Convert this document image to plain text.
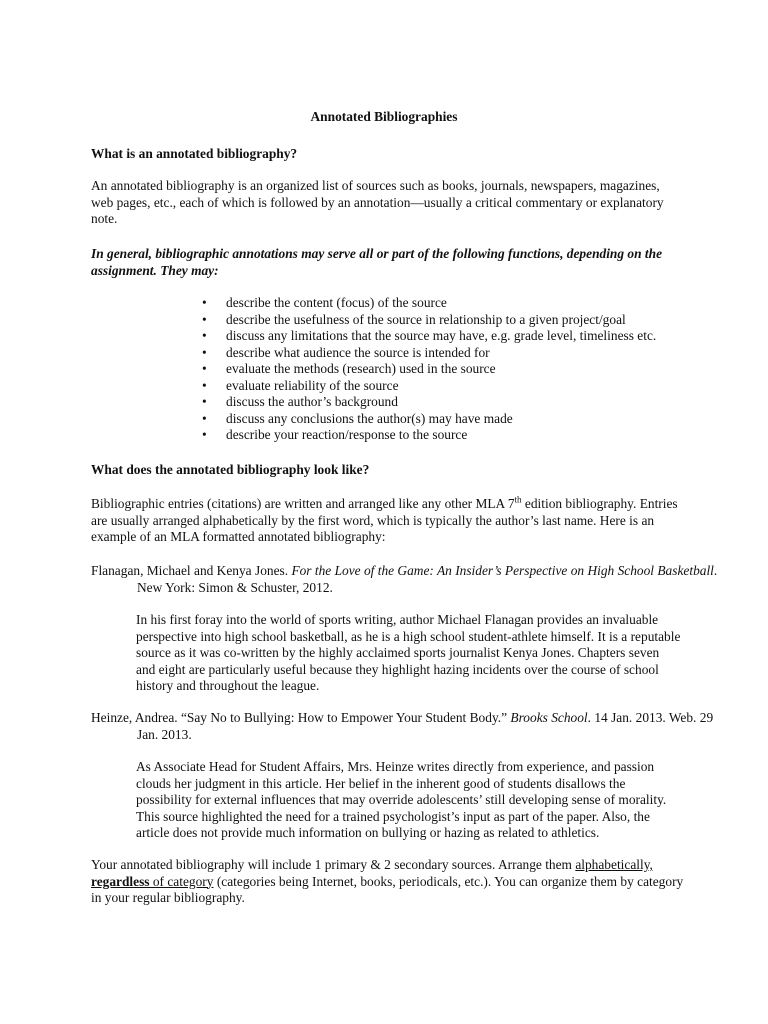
Annotated Bibliographies
What is an annotated bibliography?

An annotated bibliography is an organized list of sources such as books, journals, newspapers, magazines, web pages, etc., each of which is followed by an annotation—usually a critical commentary or explanatory note.

In general, bibliographic annotations may serve all or part of the following functions, depending on the assignment. They may:

• describe the content (focus) of the source
• describe the usefulness of the source in relationship to a given project/goal
• discuss any limitations that the source may have, e.g. grade level, timeliness etc.
• describe what audience the source is intended for
• evaluate the methods (research) used in the source
• evaluate reliability of the source
• discuss the author’s background
• discuss any conclusions the author(s) may have made
• describe your reaction/response to the source
What does the annotated bibliography look like?

Bibliographic entries (citations) are written and arranged like any other MLA 7th edition bibliography. Entries are usually arranged alphabetically by the first word, which is typically the author’s last name. Here is an example of an MLA formatted annotated bibliography:

Flanagan, Michael and Kenya Jones. For the Love of the Game: An Insider’s Perspective on High School Basketball. New York: Simon & Schuster, 2012.

In his first foray into the world of sports writing, author Michael Flanagan provides an invaluable perspective into high school basketball, as he is a high school student-athlete himself. It is a reputable source as it was co-written by the highly acclaimed sports journalist Kenya Jones. Chapters seven and eight are particularly useful because they highlight hazing incidents over the course of school history and throughout the league.

Heinze, Andrea. “Say No to Bullying: How to Empower Your Student Body.” Brooks School. 14 Jan. 2013. Web. 29 Jan. 2013.

As Associate Head for Student Affairs, Mrs. Heinze writes directly from experience, and passion clouds her judgment in this article. Her belief in the inherent good of students disallows the possibility for external influences that may override adolescents’ still developing sense of morality. This source highlighted the need for a trained psychologist’s input as part of the paper. Also, the article does not provide much information on bullying or hazing as related to athletics.

Your annotated bibliography will include 1 primary & 2 secondary sources. Arrange them alphabetically, regardless of category (categories being Internet, books, periodicals, etc.). You can organize them by category in your regular bibliography.
